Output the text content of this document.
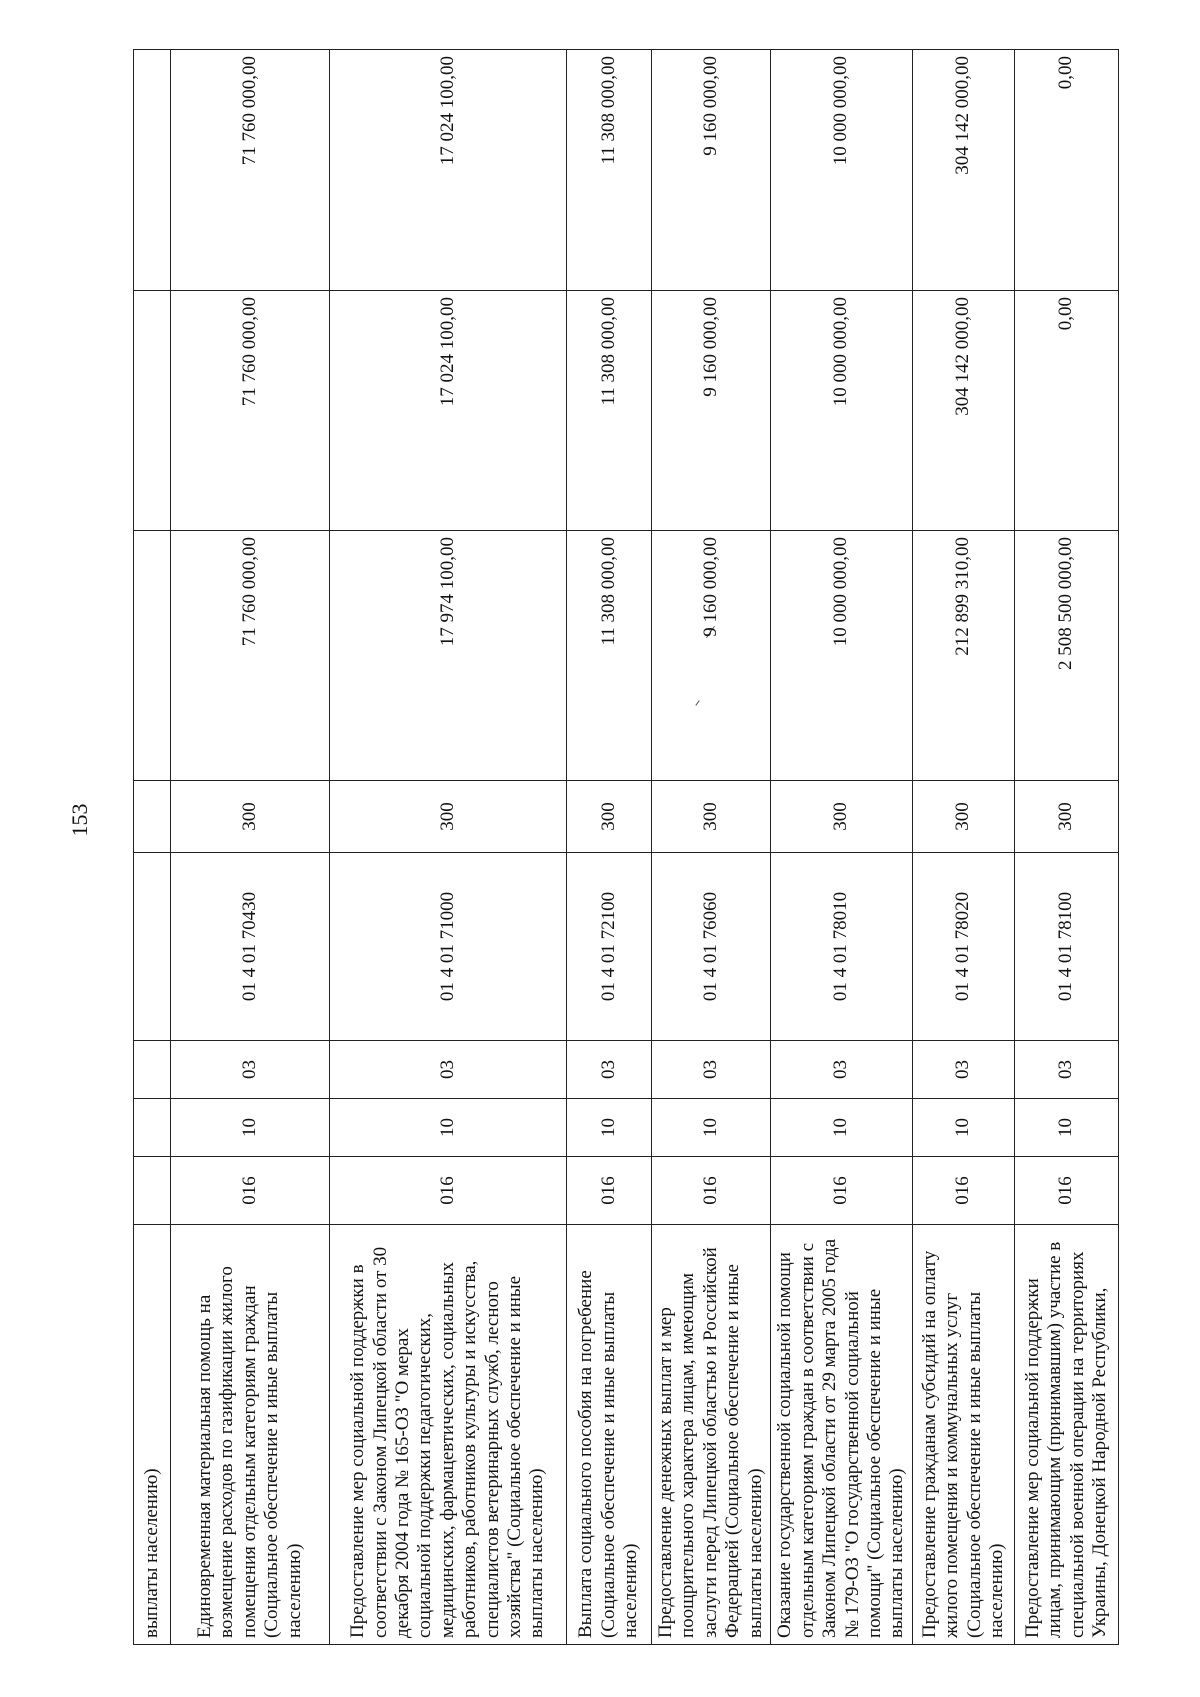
153
выплаты населению)								
Единовременная материальная помощь на возмещение расходов по газификации жилого помещения отдельным категориям граждан (Социальное обеспечение и иные выплаты населению)	016	10	03	01 4 01 70430	300	71 760 000,00	71 760 000,00	71 760 000,00
Предоставление мер социальной поддержки в соответствии с Законом Липецкой области от 30 декабря 2004 года № 165-ОЗ "О мерах социальной поддержки педагогических, медицинских, фармацевтических, социальных работников, работников культуры и искусства, специалистов ветеринарных служб, лесного хозяйства" (Социальное обеспечение и иные выплаты населению)	016	10	03	01 4 01 71000	300	17 974 100,00	17 024 100,00	17 024 100,00
Выплата социального пособия на погребение (Социальное обеспечение и иные выплаты населению)	016	10	03	01 4 01 72100	300	11 308 000,00	11 308 000,00	11 308 000,00
Предоставление денежных выплат и мер поощрительного характера лицам, имеющим заслуги перед Липецкой областью и Российской Федерацией (Социальное обеспечение и иные выплаты населению)	016	10	03	01 4 01 76060	300	9 160 000,00	9 160 000,00	9 160 000,00
Оказание государственной социальной помощи отдельным категориям граждан в соответствии с Законом Липецкой области от 29 марта 2005 года № 179-ОЗ "О государственной социальной помощи" (Социальное обеспечение и иные выплаты населению)	016	10	03	01 4 01 78010	300	10 000 000,00	10 000 000,00	10 000 000,00
Предоставление гражданам субсидий на оплату жилого помещения и коммунальных услуг (Социальное обеспечение и иные выплаты населению)	016	10	03	01 4 01 78020	300	212 899 310,00	304 142 000,00	304 142 000,00
Предоставление мер социальной поддержки лицам, принимающим (принимавшим) участие в специальной военной операции на территориях Украины, Донецкой Народной Республики,	016	10	03	01 4 01 78100	300	2 508 500 000,00	0,00	0,00
